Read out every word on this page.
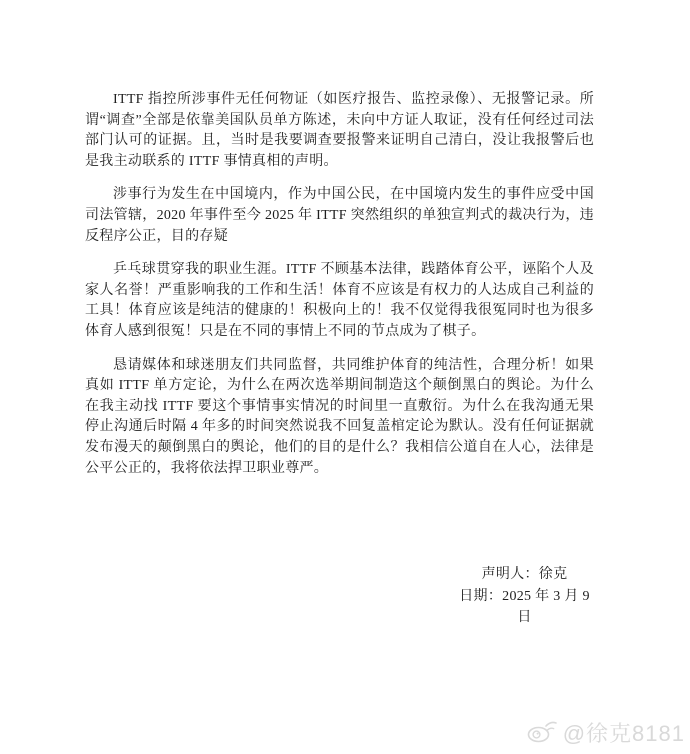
ITTF 指控所涉事件无任何物证（如医疗报告、监控录像）、无报警记录。所谓“调查”全部是依靠美国队员单方陈述，未向中方证人取证，没有任何经过司法部门认可的证据。且，当时是我要调查要报警来证明自己清白，没让我报警后也是我主动联系的 ITTF 事情真相的声明。

涉事行为发生在中国境内，作为中国公民，在中国境内发生的事件应受中国司法管辖，2020 年事件至今 2025 年 ITTF 突然组织的单独宣判式的裁决行为，违反程序公正，目的存疑

乒乓球贯穿我的职业生涯。ITTF 不顾基本法律，践踏体育公平，诬陷个人及家人名誉！严重影响我的工作和生活！体育不应该是有权力的人达成自己利益的工具！体育应该是纯洁的健康的！积极向上的！我不仅觉得我很冤同时也为很多体育人感到很冤！只是在不同的事情上不同的节点成为了棋子。

恳请媒体和球迷朋友们共同监督，共同维护体育的纯洁性，合理分析！如果真如 ITTF 单方定论，为什么在两次选举期间制造这个颠倒黑白的舆论。为什么在我主动找 ITTF 要这个事情事实情况的时间里一直敷衍。为什么在我沟通无果停止沟通后时隔 4 年多的时间突然说我不回复盖棺定论为默认。没有任何证据就发布漫天的颠倒黑白的舆论，他们的目的是什么？我相信公道自在人心，法律是公平公正的，我将依法捍卫职业尊严。

声明人：徐克
日期：2025 年 3 月 9 日
@徐克8181
